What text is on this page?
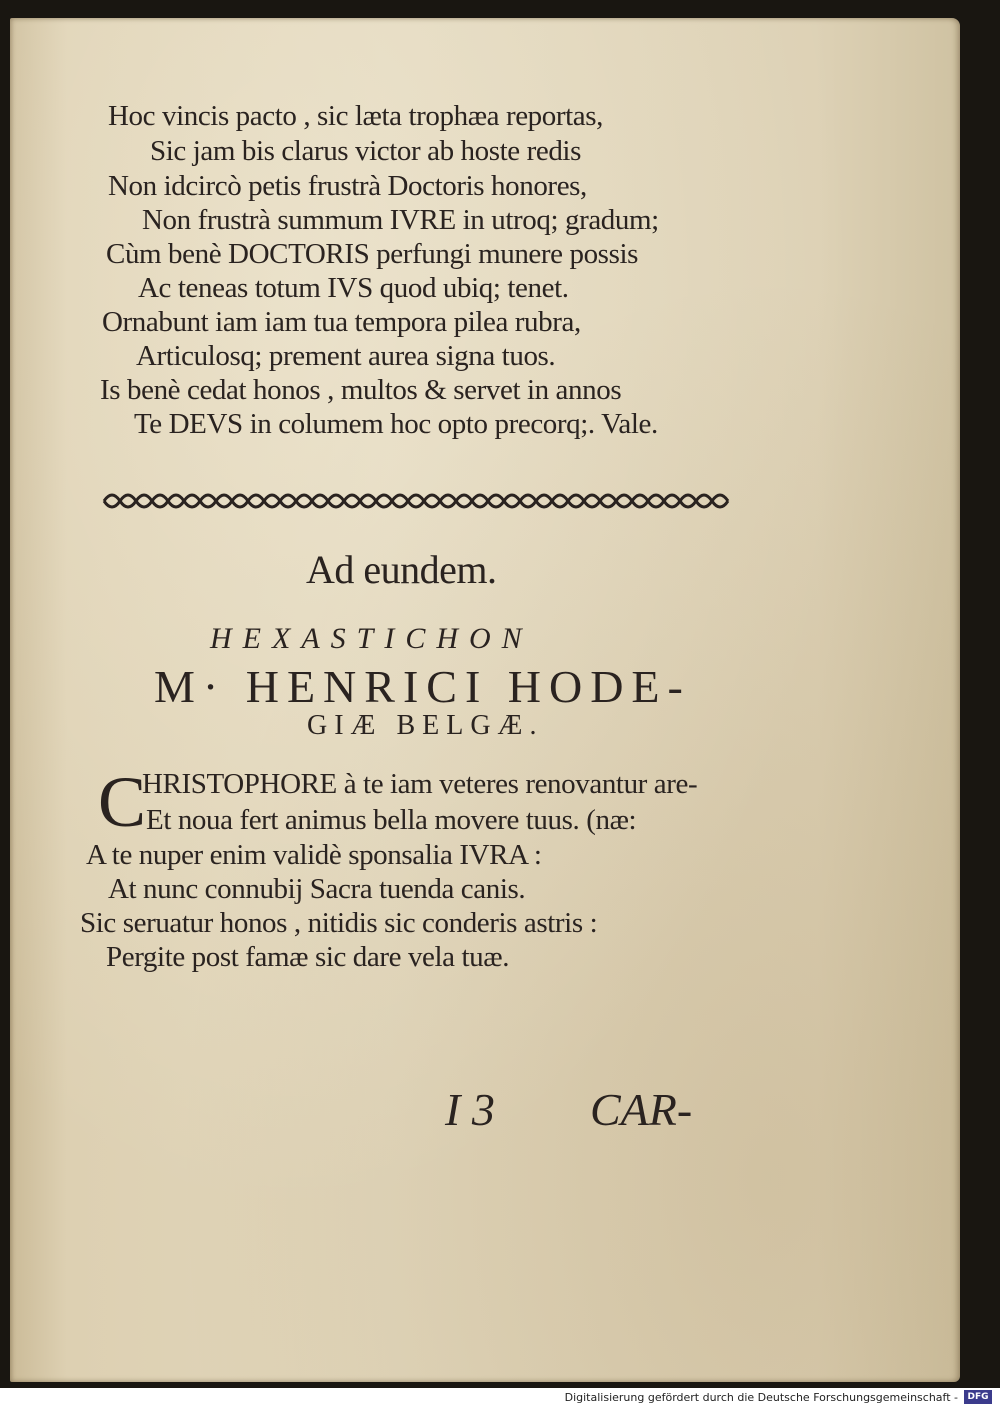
Hoc vincis pacto , sic læta trophæa reportas,
Sic jam bis clarus victor ab hoste redis
Non idcircò petis frustrà Doctoris honores,
Non frustrà summum IVRE in utroq; gradum;
Cùm benè DOCTORIS perfungi munere possis
Ac teneas totum IVS quod ubiq; tenet.
Ornabunt iam iam tua tempora pilea rubra,
Articulosq; prement aurea signa tuos.
Is benè cedat honos , multos & servet in annos
Te DEVS in columem hoc opto precorq;. Vale.
Ad eundem.
HEXASTICHON
M· HENRICI HODE-
GIÆ BELGÆ.
C
HRISTOPHORE à te iam veteres renovantur are-
Et noua fert animus bella movere tuus. (næ:
A te nuper enim validè sponsalia IVRA :
At nunc connubij Sacra tuenda canis.
Sic seruatur honos , nitidis sic conderis astris :
Pergite post famæ sic dare vela tuæ.
I 3 CAR-
Digitalisierung gefördert durch die Deutsche Forschungsgemeinschaft -	DFG
